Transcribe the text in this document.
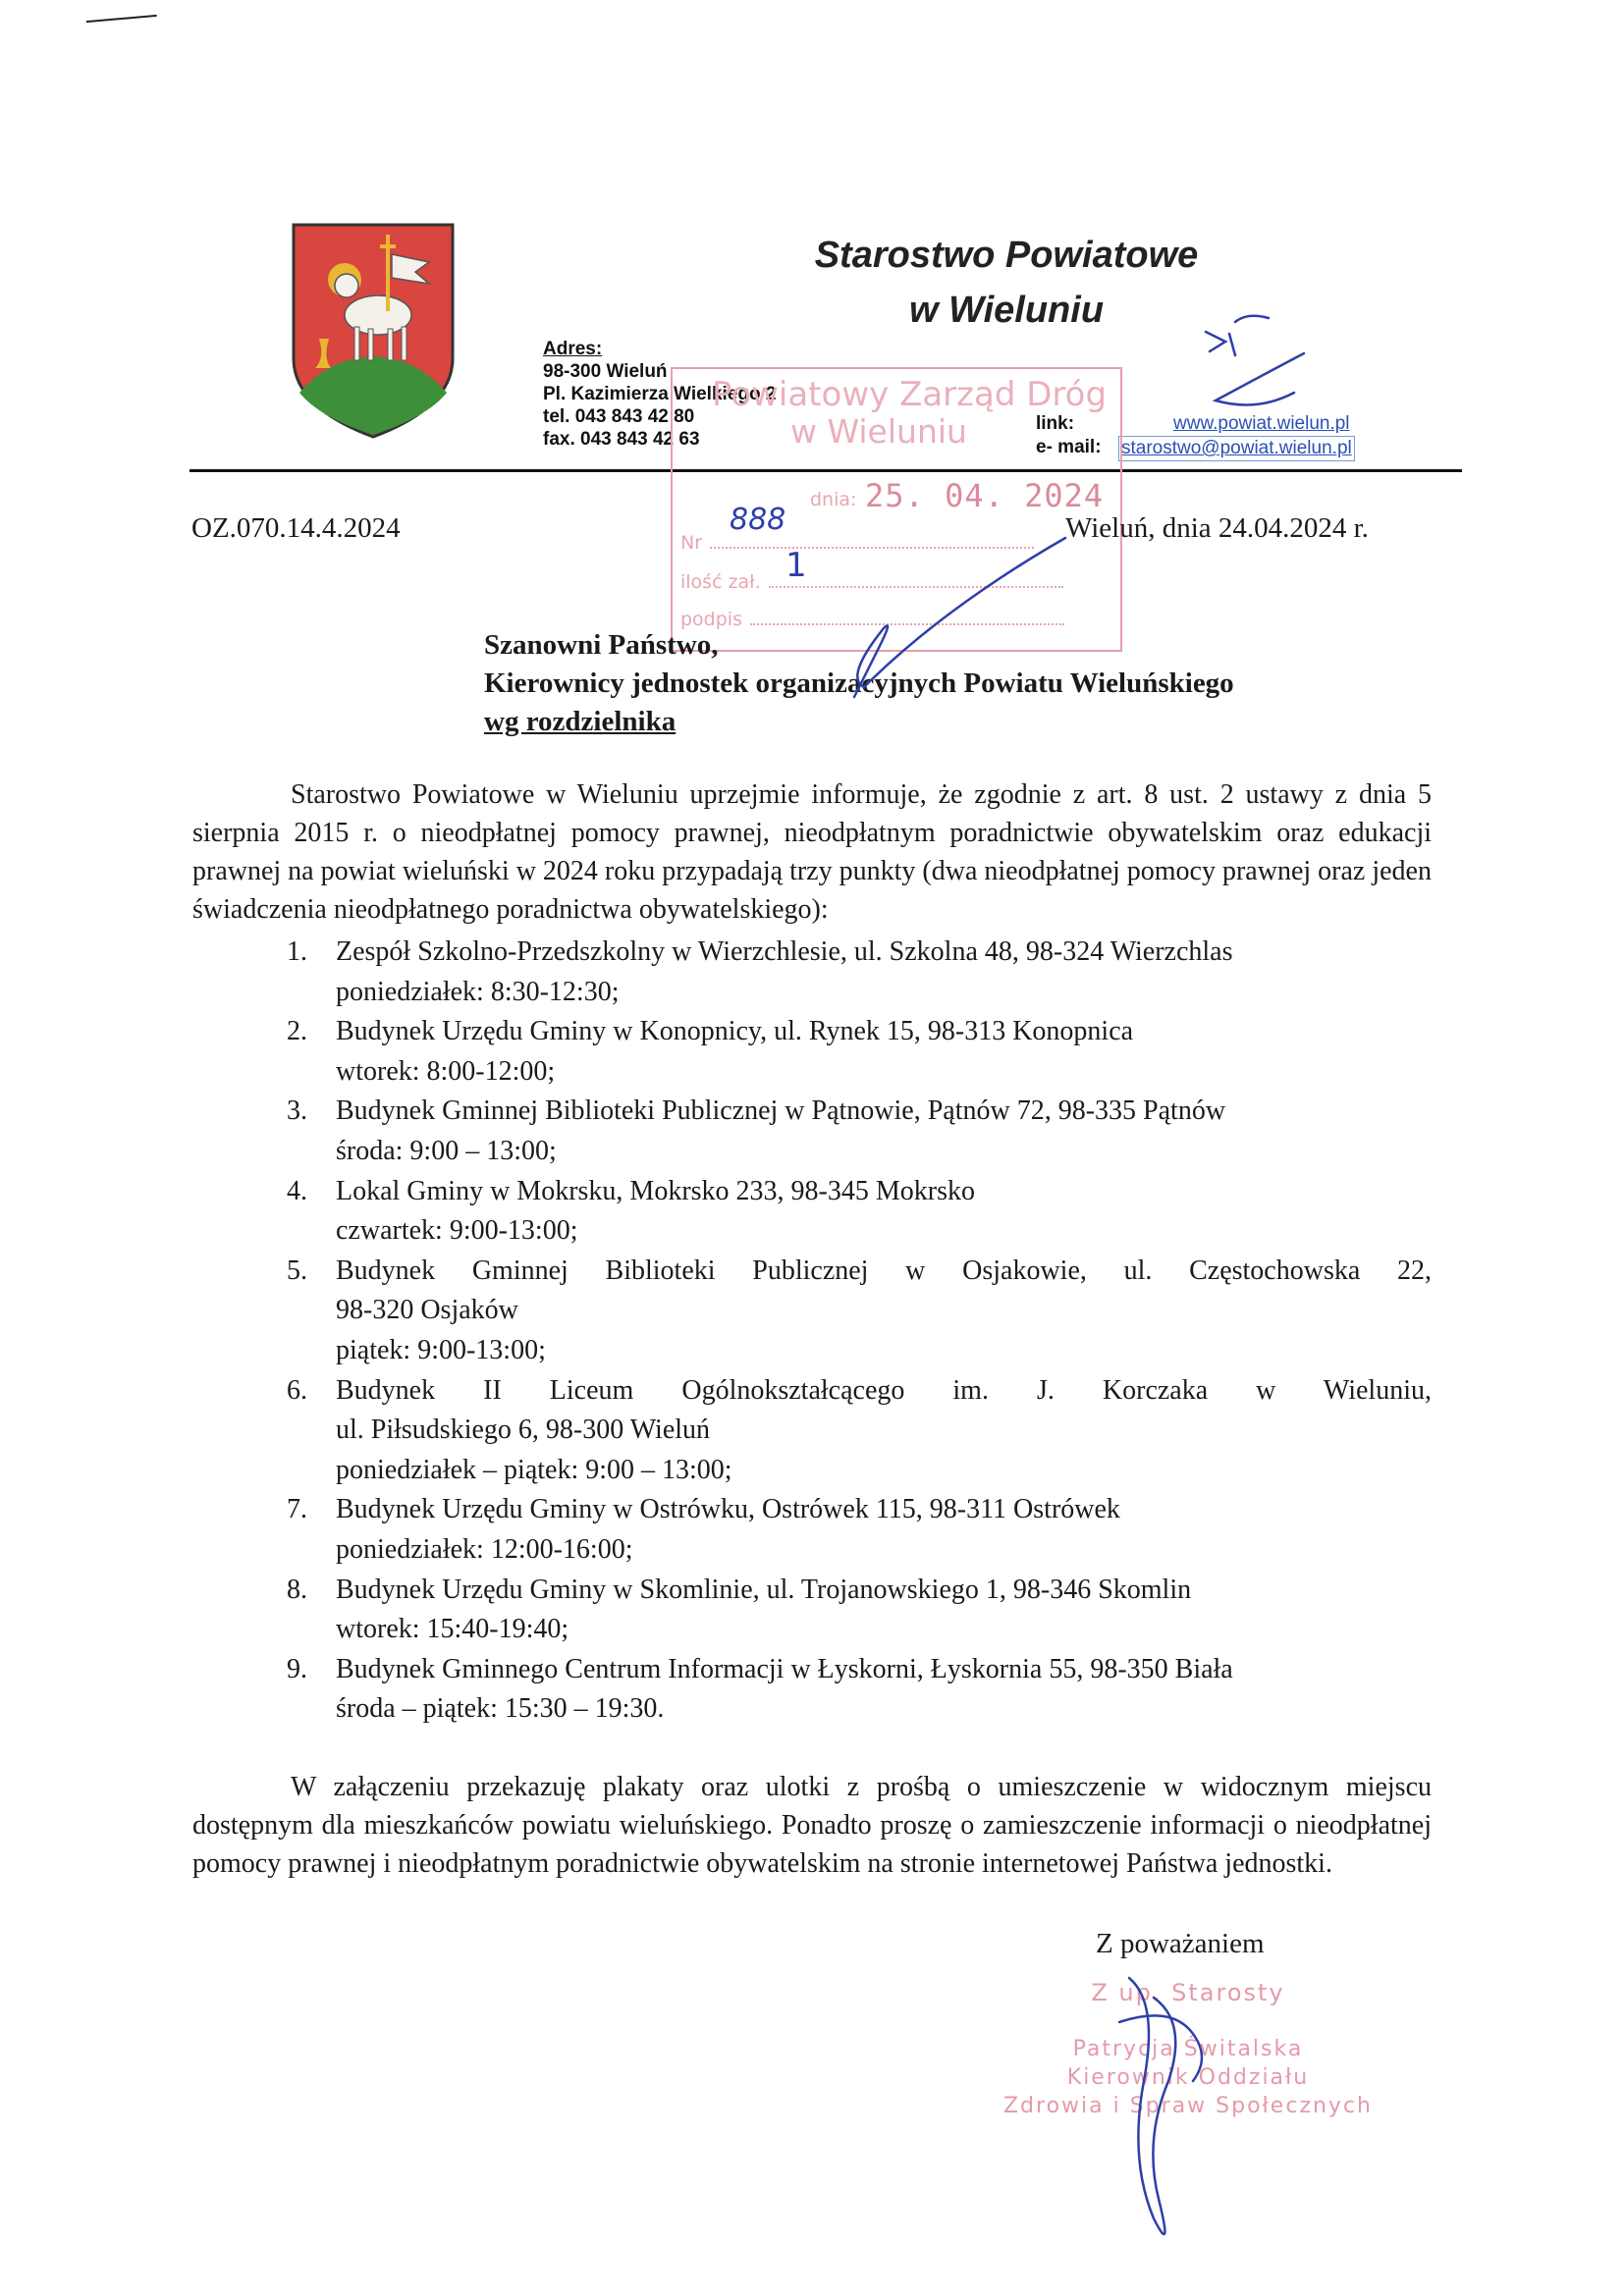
Starostwo Powiatowe
w Wieluniu
Adres:
98-300 Wieluń
Pl. Kazimierza Wielkiego 2
tel. 043 843 42 80
fax. 043 843 42 63
link:	www.powiat.wielun.pl
e- mail: starostwo@powiat.wielun.pl
Powiatowy Zarząd Dróg
w Wieluniu
dnia: 25. 04. 2024
Nr
ilość zał.
podpis
888
1
OZ.070.14.4.2024	Wieluń, dnia 24.04.2024 r.
Szanowni Państwo,
Kierownicy jednostek organizacyjnych Powiatu Wieluńskiego
wg rozdzielnika
Starostwo Powiatowe w Wieluniu uprzejmie informuje, że zgodnie z art. 8 ust. 2 ustawy z dnia 5 sierpnia 2015 r. o nieodpłatnej pomocy prawnej, nieodpłatnym poradnictwie obywatelskim oraz edukacji prawnej na powiat wieluński w 2024 roku przypadają trzy punkty (dwa nieodpłatnej pomocy prawnej oraz jeden świadczenia nieodpłatnego poradnictwa obywatelskiego):
1. Zespół Szkolno-Przedszkolny w Wierzchlesie, ul. Szkolna 48, 98-324 Wierzchlas
poniedziałek: 8:30-12:30;
2. Budynek Urzędu Gminy w Konopnicy, ul. Rynek 15, 98-313 Konopnica
wtorek: 8:00-12:00;
3. Budynek Gminnej Biblioteki Publicznej w Pątnowie, Pątnów 72, 98-335 Pątnów
środa: 9:00 – 13:00;
4. Lokal Gminy w Mokrsku, Mokrsko 233, 98-345 Mokrsko
czwartek: 9:00-13:00;
5. Budynek Gminnej Biblioteki Publicznej w Osjakowie, ul. Częstochowska 22,
98-320 Osjaków
piątek: 9:00-13:00;
6. Budynek II Liceum Ogólnokształcącego im. J. Korczaka w Wieluniu,
ul. Piłsudskiego 6, 98-300 Wieluń
poniedziałek – piątek: 9:00 – 13:00;
7. Budynek Urzędu Gminy w Ostrówku, Ostrówek 115, 98-311 Ostrówek
poniedziałek: 12:00-16:00;
8. Budynek Urzędu Gminy w Skomlinie, ul. Trojanowskiego 1, 98-346 Skomlin
wtorek: 15:40-19:40;
9. Budynek Gminnego Centrum Informacji w Łyskorni, Łyskornia 55, 98-350 Biała
środa – piątek: 15:30 – 19:30.
W załączeniu przekazuję plakaty oraz ulotki z prośbą o umieszczenie w widocznym miejscu dostępnym dla mieszkańców powiatu wieluńskiego. Ponadto proszę o zamieszczenie informacji o nieodpłatnej pomocy prawnej i nieodpłatnym poradnictwie obywatelskim na stronie internetowej Państwa jednostki.
Z poważaniem
Z up. Starosty
Patrycja Świtalska
Kierownik Oddziału
Zdrowia i Spraw Społecznych
